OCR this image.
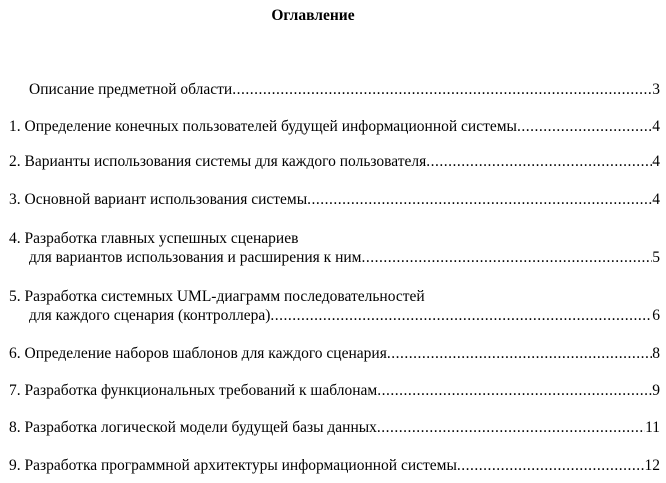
Оглавление
Описание предметной области .....	3
1. Определение конечных пользователей будущей информационной системы .....	4
2. Варианты использования системы для каждого пользователя .....	4
3. Основной вариант использования системы .....	4
4. Разработка главных успешных сценариев
для вариантов использования и расширения к ним .....	5
5. Разработка системных UML-диаграмм последовательностей
для каждого сценария (контроллера) .....	6
6. Определение наборов шаблонов для каждого сценария .....	8
7. Разработка функциональных требований к шаблонам .....	9
8. Разработка логической модели будущей базы данных .....	11
9. Разработка программной архитектуры информационной системы .....	12
